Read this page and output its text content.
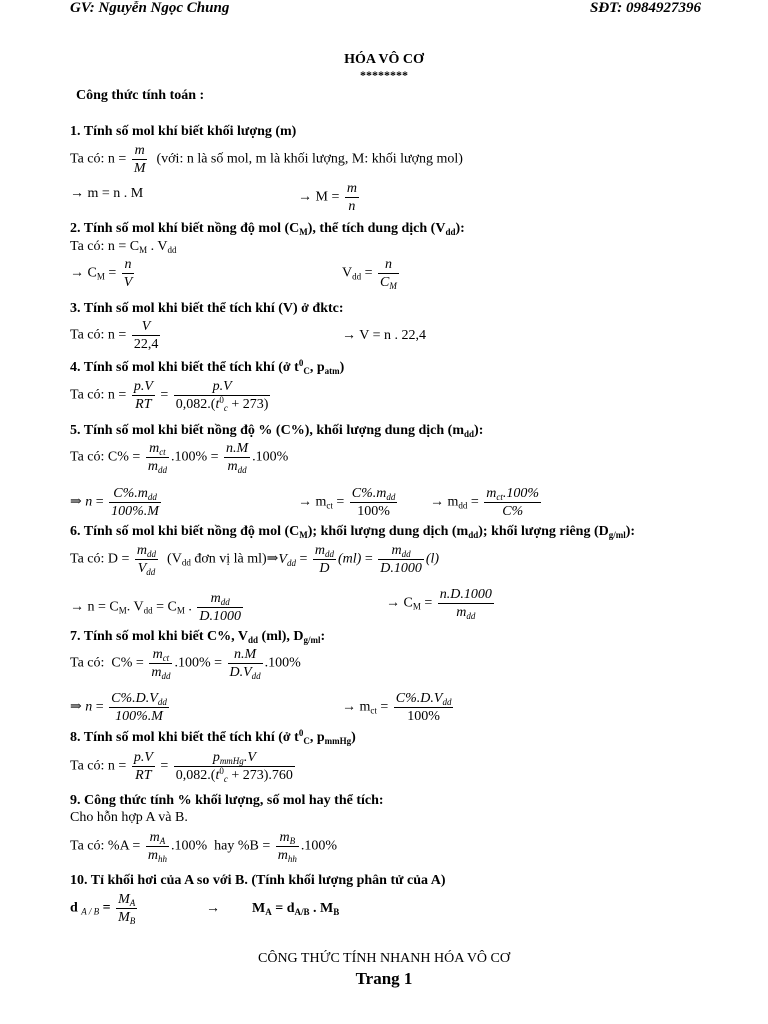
GV: Nguyễn Ngọc Chung	SĐT: 0984927396
HÓA VÔ CƠ
********
Công thức tính toán :
1. Tính số mol khí biết khối lượng (m)
Ta có: $n = \frac{m}{M}$ (với: n là số mol, m là khối lượng, M: khối lượng mol)
→ m = n . M	→ $M = \frac{m}{n}$
2. Tính số mol khí biết nồng độ mol $(C_M)$, thể tích dung dịch $(V_{dd})$:
Ta có: $n = C_M$ . $V_{dd}$
→ $C_M = \frac{n}{V}$	$V_{dd} = \frac{n}{C_M}$
3. Tính số mol khi biết thể tích khí (V) ở đktc:
Ta có: $n = \frac{V}{22,4}$	→ V = n . 22,4
4. Tính số mol khi biết thể tích khí (ở $t^0_C$, $p_{atm}$)
Ta có: $n = \frac{p.V}{RT} = \frac{p.V}{0,082.(t^0_c + 273)}$
5. Tính số mol khi biết nồng độ % (C%), khối lượng dung dịch $(m_{dd})$:
Ta có: $C\% = \frac{m_{ct}}{m_{dd}} .100\% = \frac{n.M}{m_{dd}} .100\%$
⇒ $n = \frac{C\%.m_{dd}}{100\%.M}$	→ $m_{ct} = \frac{C\%.m_{dd}}{100\%} \to m_{dd} = \frac{m_{ct}.100\%}{C\%}$
6. Tính số mol khi biết nồng độ mol $(C_M)$; khối lượng dung dịch $(m_{dd})$; khối lượng riêng $(D_{g/ml})$:
Ta có: $D = \frac{m_{dd}}{V_{dd}} (V_{dd}$ đơn vị là $ml)\Rightarrow V_{dd} = \frac{m_{dd}}{D} (ml) = \frac{m_{dd}}{D.1000} (l)$
→ $n = C_M$. $V_{dd} = C_M$ . $\frac{m_{dd}}{D.1000}$	→ $C_M = \frac{n.D.1000}{m_{dd}}$
7. Tính số mol khi biết C%, $V_{dd}$ (ml), $D_{g/ml}$:
Ta có:  $C\% = \frac{m_{ct}}{m_{dd}} .100\% = \frac{n.M}{D.V_{dd}} .100\%$
⇒ $n = \frac{C\%.D.V_{dd}}{100\%.M}$	→ $m_{ct} = \frac{C\%.D.V_{dd}}{100\%}$
8. Tính số mol khi biết thể tích khí (ở $t^0_C$, $p_{mmHg}$)
Ta có: $n = \frac{p.V}{RT} = \frac{p_{mmHg}.V}{0,082.(t^0_c + 273).760}$
9. Công thức tính % khối lượng, số mol hay thể tích:
Cho hỗn hợp A và B.
Ta có: $\%A = \frac{m_A}{m_{hh}} .100\%$  hay $\%B = \frac{m_B}{m_{hh}} .100\%$
10. Tỉ khối hơi của A so với B. (Tính khối lượng phân tử của A)
d $_{A / B} = \frac{M_A}{M_B}$	→ $M_A = d_{A/B}$ . $M_B$
CÔNG THỨC TÍNH NHANH HÓA VÔ CƠ
Trang 1
